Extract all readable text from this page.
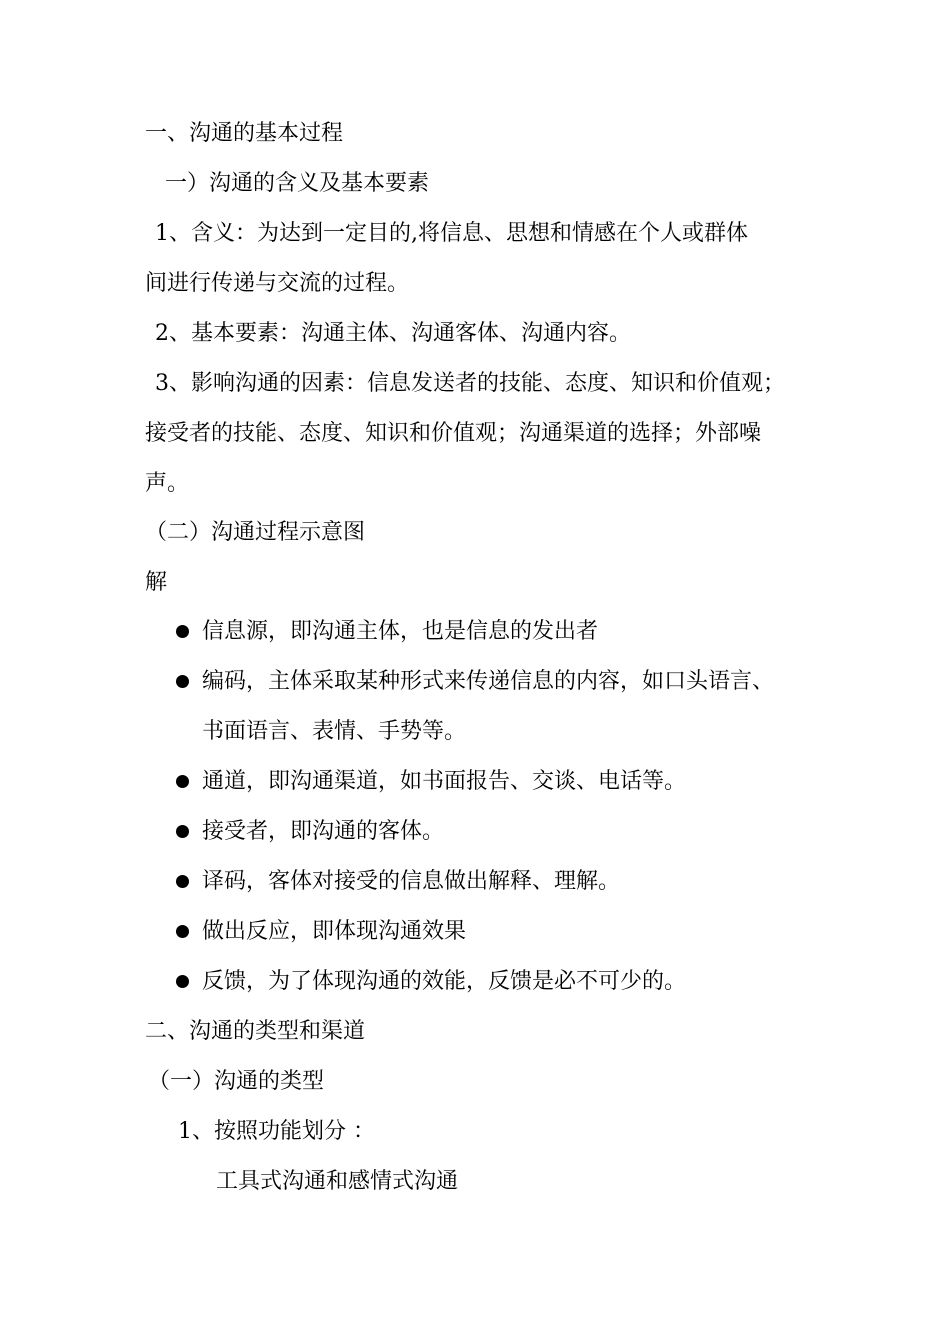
一、沟通的基本过程
一）沟通的含义及基本要素
1、含义：为达到一定目的,将信息、思想和情感在个人或群体
间进行传递与交流的过程。
2、基本要素：沟通主体、沟通客体、沟通内容。
3、影响沟通的因素：信息发送者的技能、态度、知识和价值观；
接受者的技能、态度、知识和价值观；沟通渠道的选择；外部噪
声。
（二）沟通过程示意图
解
信息源，即沟通主体，也是信息的发出者
编码，主体采取某种形式来传递信息的内容，如口头语言、
书面语言、表情、手势等。
通道，即沟通渠道，如书面报告、交谈、电话等。
接受者，即沟通的客体。
译码，客体对接受的信息做出解释、理解。
做出反应，即体现沟通效果
反馈，为了体现沟通的效能，反馈是必不可少的。
二、沟通的类型和渠道
（一）沟通的类型
1、按照功能划分 ：
工具式沟通和感情式沟通
